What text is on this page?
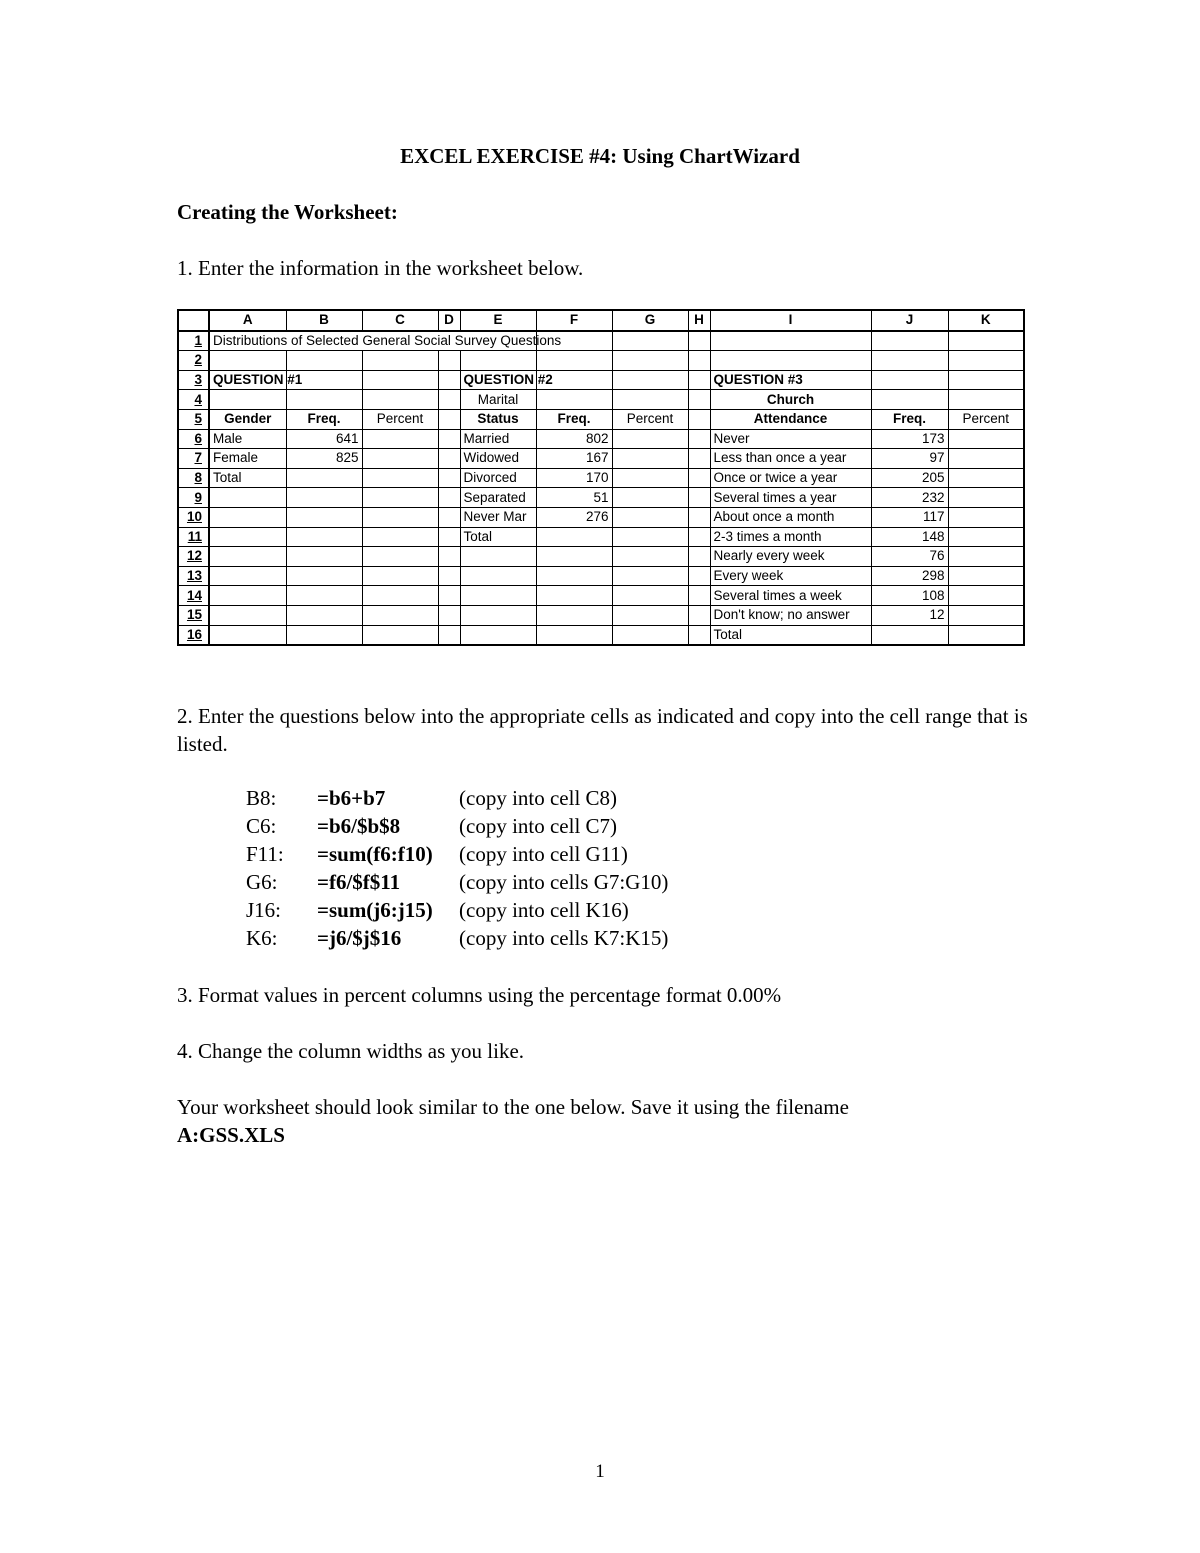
EXCEL EXERCISE #4: Using ChartWizard
Creating the Worksheet:
1. Enter the information in the worksheet below.
	A	B	C	D	E	F	G	H	I	J	K
1	Distributions of Selected General Social Survey Questions										
2											
3	QUESTION #1				QUESTION #2				QUESTION #3		
4					Marital				Church		
5	Gender	Freq.	Percent		Status	Freq.	Percent		Attendance	Freq.	Percent
6	Male	641			Married	802			Never	173	
7	Female	825			Widowed	167			Less than once a year	97	
8	Total				Divorced	170			Once or twice a year	205	
9					Separated	51			Several times a year	232	
10					Never Mar	276			About once a month	117	
11					Total				2-3 times a month	148	
12									Nearly every week	76	
13									Every week	298	
14									Several times a week	108	
15									Don't know; no answer	12	
16									Total		
2. Enter the questions below into the appropriate cells as indicated and copy into the cell range that is listed.
B8:	=b6+b7	(copy into cell C8)
C6:	=b6/$b$8	(copy into cell C7)
F11:	=sum(f6:f10)	(copy into cell G11)
G6:	=f6/$f$11	(copy into cells G7:G10)
J16:	=sum(j6:j15)	(copy into cell K16)
K6:	=j6/$j$16	(copy into cells K7:K15)
3. Format values in percent columns using the percentage format 0.00%
4. Change the column widths as you like.
Your worksheet should look similar to the one below. Save it using the filename
A:GSS.XLS
1
